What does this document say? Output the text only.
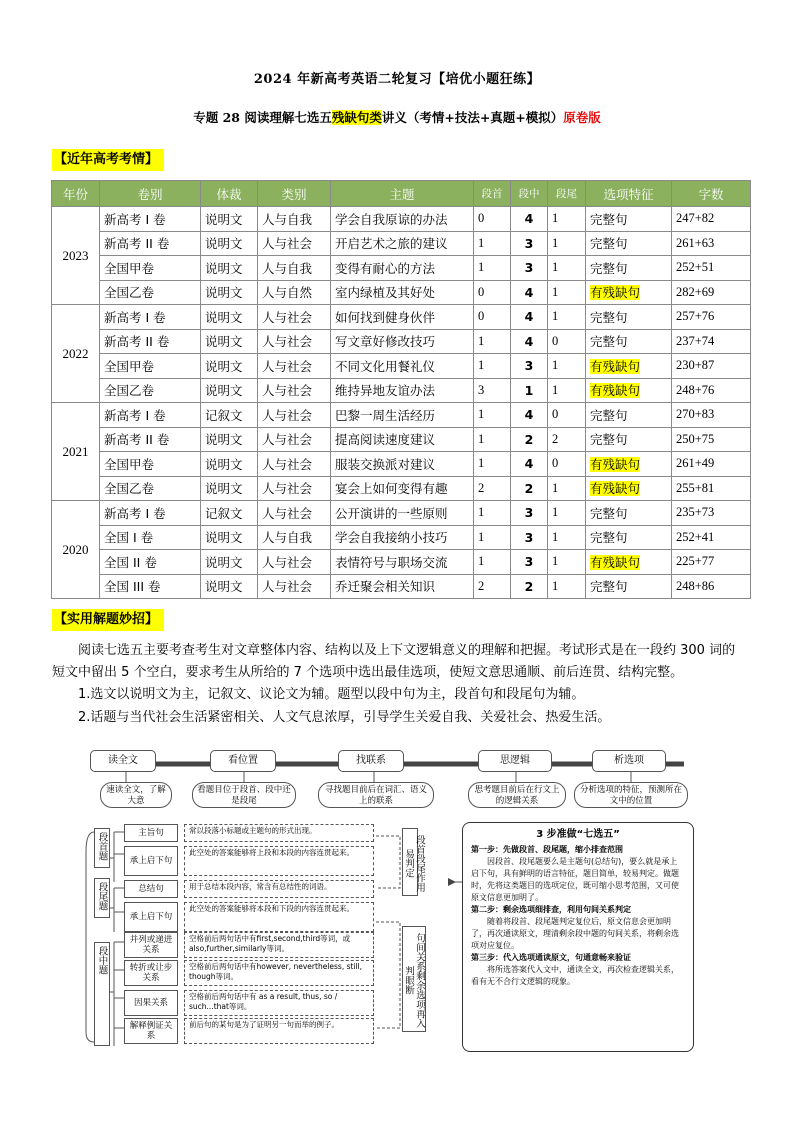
2024 年新高考英语二轮复习【培优小题狂练】
专题 28 阅读理解七选五残缺句类讲义（考情+技法+真题+模拟）原卷版
【近年高考考情】
年份	卷别	体裁	类别	主题	段首	段中	段尾	选项特征	字数
2023	新高考 I 卷	说明文	人与自我	学会自我原谅的办法	0	4	1	完整句	247+82
	新高考 II 卷	说明文	人与社会	开启艺术之旅的建议	1	3	1	完整句	261+63
	全国甲卷	说明文	人与自我	变得有耐心的方法	1	3	1	完整句	252+51
	全国乙卷	说明文	人与自然	室内绿植及其好处	0	4	1	有残缺句	282+69
2022	新高考 I 卷	说明文	人与社会	如何找到健身伙伴	0	4	1	完整句	257+76
	新高考 II 卷	说明文	人与社会	写文章好修改技巧	1	4	0	完整句	237+74
	全国甲卷	说明文	人与社会	不同文化用餐礼仪	1	3	1	有残缺句	230+87
	全国乙卷	说明文	人与社会	维持异地友谊办法	3	1	1	有残缺句	248+76
2021	新高考 I 卷	记叙文	人与社会	巴黎一周生活经历	1	4	0	完整句	270+83
	新高考 II 卷	说明文	人与社会	提高阅读速度建议	1	2	2	完整句	250+75
	全国甲卷	说明文	人与社会	服装交换派对建议	1	4	0	有残缺句	261+49
	全国乙卷	说明文	人与社会	宴会上如何变得有趣	2	2	1	有残缺句	255+81
2020	新高考 I 卷	记叙文	人与社会	公开演讲的一些原则	1	3	1	完整句	235+73
	全国 I 卷	说明文	人与自我	学会自我接纳小技巧	1	3	1	完整句	252+41
	全国 II 卷	说明文	人与社会	表情符号与职场交流	1	3	1	有残缺句	225+77
	全国 III 卷	说明文	人与社会	乔迁聚会相关知识	2	2	1	完整句	248+86
【实用解题妙招】
阅读七选五主要考查考生对文章整体内容、结构以及上下文逻辑意义的理解和把握。考试形式是在一段约 300 词的短文中留出 5 个空白，要求考生从所给的 7 个选项中选出最佳选项，使短文意思通顺、前后连贯、结构完整。
1.选文以说明文为主，记叙文、议论文为辅。题型以段中句为主，段首句和段尾句为辅。
2.话题与当代社会生活紧密相关、人文气息浓厚，引导学生关爱自我、关爱社会、热爱生活。
读全文	看位置	找联系	思逻辑	析选项
速读全文，了解大意
看题目位于段首、段中还是段尾
寻找题目前后在词汇、语义上的联系
思考题目前后在行文上的逻辑关系
分析选项的特征，预测所在文中的位置
段首题
段尾题
段中题
主旨句
承上启下句
总结句
承上启下句
并列或递进关系
转折或让步关系
因果关系
解释例证关系
常以段落小标题或主题句的形式出现。
此空处的答案能够将上段和本段的内容连贯起来。
用于总结本段内容，常含有总结性的词语。
此空处的答案能够将本段和下段的内容连贯起来。
空格前后两句话中有first,second,third等词，或also,further,similarly等词。
空格前后两句话中有however, nevertheless, still, though等词。
空格前后两句话中有 as a result, thus, so / such...that等词。
前后句的某句是为了证明另一句而举的例子。
段首段尾作用易判定
句间关系剩余选项再入判眼断
3 步准做“七选五”

第一步：先做段首、段尾题，缩小排查范围

因段首、段尾题要么是主题句(总结句)，要么就是承上启下句，具有鲜明的语言特征，题目简单，较易判定。做题时，先将这类题目的选项定位，既可缩小思考范围，又可使原文信息更加明了。

第二步：剩余选项细排查，利用句间关系判定

随着将段首、段尾题判定复位后，原文信息会更加明了，再次通读原文，理清剩余段中题的句间关系，将剩余选项对应复位。

第三步：代入选项通读原文，句通意畅来验证

将所选答案代入文中，通读全文，再次检查逻辑关系，看有无不合行文逻辑的现象。
